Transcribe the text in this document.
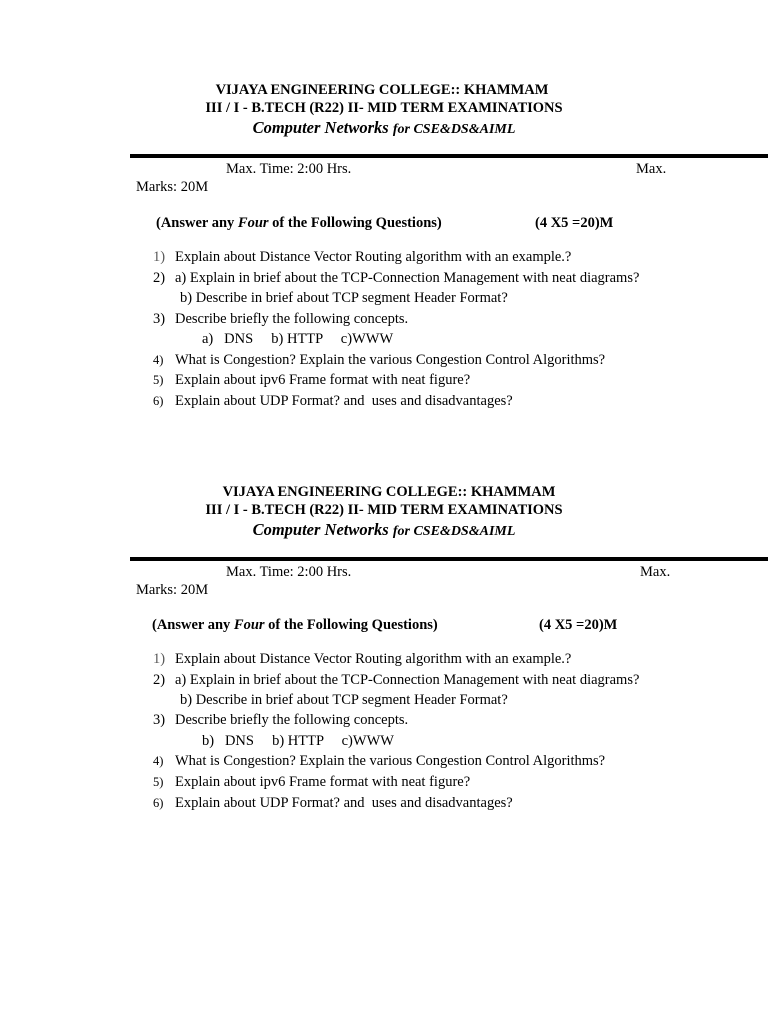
VIJAYA ENGINEERING COLLEGE:: KHAMMAM
III / I - B.TECH (R22) II- MID TERM EXAMINATIONS
Computer Networks for CSE&DS&AIML
Max. Time: 2:00 Hrs.	Max.
Marks: 20M
(Answer any Four of the Following Questions)	(4 X5 =20)M
1) Explain about Distance Vector Routing algorithm with an example.?
2) a) Explain in brief about the TCP-Connection Management with neat diagrams?
b) Describe in brief about TCP segment Header Format?
3) Describe briefly the following concepts.
a)   DNS     b) HTTP     c)WWW
4) What is Congestion? Explain the various Congestion Control Algorithms?
5) Explain about ipv6 Frame format with neat figure?
6) Explain about UDP Format? and  uses and disadvantages?
VIJAYA ENGINEERING COLLEGE:: KHAMMAM
III / I - B.TECH (R22) II- MID TERM EXAMINATIONS
Computer Networks for CSE&DS&AIML
Max. Time: 2:00 Hrs.	Max.
Marks: 20M
(Answer any Four of the Following Questions)	(4 X5 =20)M
1) Explain about Distance Vector Routing algorithm with an example.?
2) a) Explain in brief about the TCP-Connection Management with neat diagrams?
b) Describe in brief about TCP segment Header Format?
3) Describe briefly the following concepts.
b)   DNS     b) HTTP     c)WWW
4) What is Congestion? Explain the various Congestion Control Algorithms?
5) Explain about ipv6 Frame format with neat figure?
6) Explain about UDP Format? and  uses and disadvantages?
